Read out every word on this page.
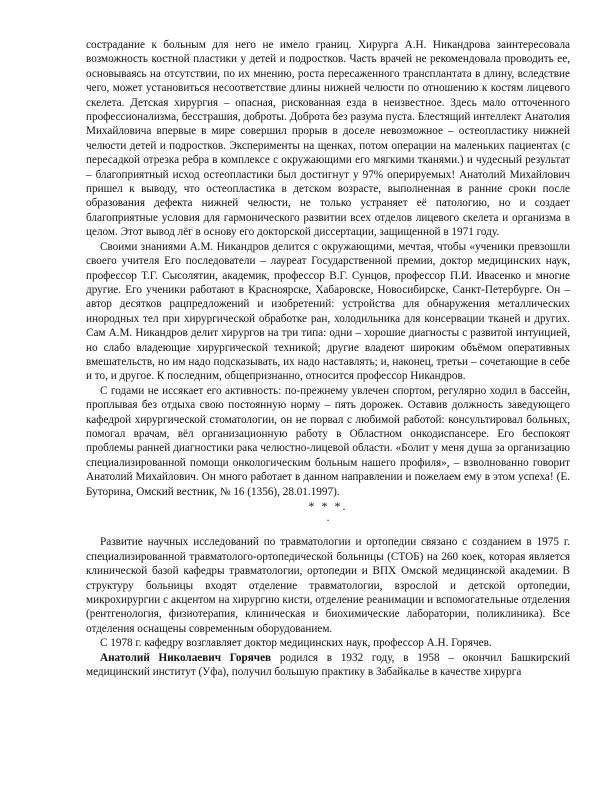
сострадание к больным для него не имело границ. Хирурга А.Н. Никандрова заинтересовала возможность костной пластики у детей и подростков. Часть врачей не рекомендовала проводить ее, основываясь на отсутствии, по их мнению, роста пересаженного трансплантата в длину, вследствие чего, может установиться несоответствие длины нижней челюсти по отношению к костям лицевого скелета. Детская хирургия – опасная, рискованная езда в неизвестное. Здесь мало отточенного профессионализма, бесстрашия, доброты. Доброта без разума пуста. Блестящий интеллект Анатолия Михайловича впервые в мире совершил прорыв в доселе невозможное – остеопластику нижней челюсти детей и подростков. Эксперименты на щенках, потом операции на маленьких пациентах (с пересадкой отрезка ребра в комплексе с окружающими его мягкими тканями.) и чудесный результат – благоприятный исход остеопластики был достигнут у 97% оперируемых! Анатолий Михайлович пришел к выводу, что остеопластика в детском возрасте, выполненная в ранние сроки после образования дефекта нижней челюсти, не только устраняет её патологию, но и создает благоприятные условия для гармонического развитии всех отделов лицевого скелета и организма в целом. Этот вывод лёг в основу его докторской диссертации, защищенной в 1971 году.

Своими знаниями А.М. Никандров делится с окружающими, мечтая, чтобы «ученики превзошли своего учителя Его последователи – лауреат Государственной премии, доктор медицинских наук, профессор Т.Г. Сысолятин, академик, профессор В.Г. Сунцов, профессор П.И. Ивасенко и многие другие. Его ученики работают в Красноярске, Хабаровске, Новосибирске, Санкт-Петербурге. Он – автор десятков рацпредложений и изобретений: устройства для обнаружения металлических инородных тел при хирургической обработке ран, холодильника для консервации тканей и других. Сам А.М. Никандров делит хирургов на три типа: одни – хорошие диагносты с развитой интуицией, но слабо владеющие хирургической техникой; другие владеют широким объёмом оперативных вмешательств, но им надо подсказывать, их надо наставлять; и, наконец, третьи – сочетающие в себе и то, и другое. К последним, общепризнанно, относится профессор Никандров.

С годами не иссякает его активность: по-прежнему увлечен спортом, регулярно ходил в бассейн, проплывая без отдыха свою постоянную норму – пять дорожек. Оставив должность заведующего кафедрой хирургической стоматологии, он не порвал с любимой работой: консультировал больных, помогал врачам, вёл организационную работу в Областном онкодиспансере. Его беспокоят проблемы ранней диагностики рака челюстно-лицевой области. «Болит у меня душа за организацию специализированной помощи онкологическим больным нашего профиля», – взволнованно говорит Анатолий Михайлович. Он много работает в данном направлении и пожелаем ему в этом успеха! (Е. Буторина, Омский вестник, № 16 (1356), 28.01.1997).

* * *.

.

Развитие научных исследований по травматологии и ортопедии связано с созданием в 1975 г. специализированной травматолого-ортопедической больницы (СТОБ) на 260 коек, которая является клинической базой кафедры травматологии, ортопедии и ВПХ Омской медицинской академии. В структуру больницы входят отделение травматологии, взрослой и детской ортопедии, микрохирургии с акцентом на хирургию кисти, отделение реанимации и вспомогательные отделения (рентгенология, физиотерапия, клиническая и биохимические лаборатории, поликлиника). Все отделения оснащены современным оборудованием.

С 1978 г. кафедру возглавляет доктор медицинских наук, профессор А.Н. Горячев.

Анатолий Николаевич Горячев родился в 1932 году, в 1958 – окончил Башкирский медицинский институт (Уфа), получил большую практику в Забайкалье в качестве хирурга
